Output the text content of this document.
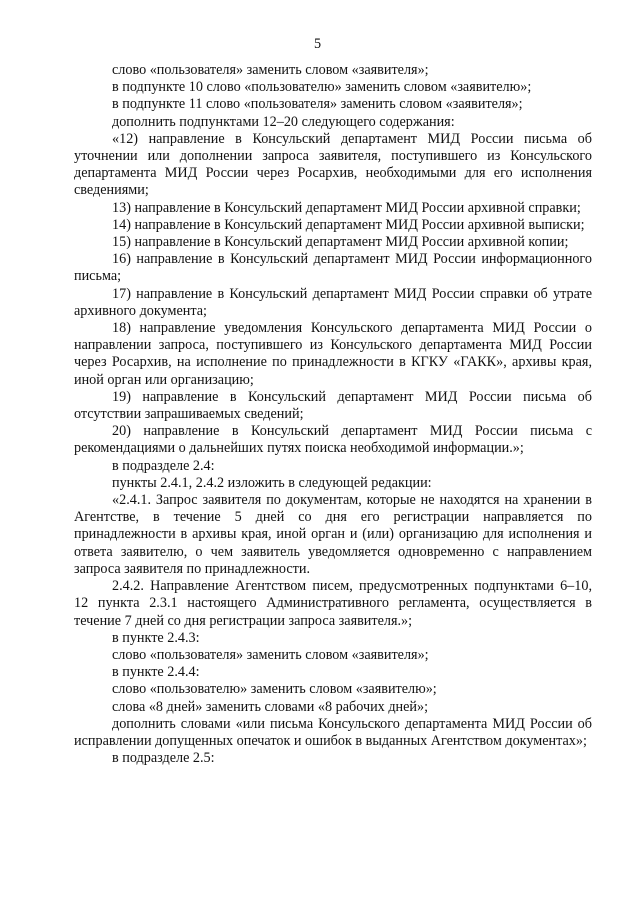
5

слово «пользователя» заменить словом «заявителя»;

в подпункте 10 слово «пользователю» заменить словом «заявителю»;

в подпункте 11 слово «пользователя» заменить словом «заявителя»;

дополнить подпунктами 12–20 следующего содержания:

«12) направление в Консульский департамент МИД России письма об уточнении или дополнении запроса заявителя, поступившего из Консульского департамента МИД России через Росархив, необходимыми для его исполнения сведениями;

13) направление в Консульский департамент МИД России архивной справки;

14) направление в Консульский департамент МИД России архивной выписки;

15) направление в Консульский департамент МИД России архивной копии;

16) направление в Консульский департамент МИД России информационного письма;

17) направление в Консульский департамент МИД России справки об утрате архивного документа;

18) направление уведомления Консульского департамента МИД России о направлении запроса, поступившего из Консульского департамента МИД России через Росархив, на исполнение по принадлежности в КГКУ «ГАКК», архивы края, иной орган или организацию;

19) направление в Консульский департамент МИД России письма об отсутствии запрашиваемых сведений;

20) направление в Консульский департамент МИД России письма с рекомендациями о дальнейших путях поиска необходимой информации.»;

в подразделе 2.4:

пункты 2.4.1, 2.4.2 изложить в следующей редакции:

«2.4.1. Запрос заявителя по документам, которые не находятся на хранении в Агентстве, в течение 5 дней со дня его регистрации направляется по принадлежности в архивы края, иной орган и (или) организацию для исполнения и ответа заявителю, о чем заявитель уведомляется одновременно с направлением запроса заявителя по принадлежности.

2.4.2. Направление Агентством писем, предусмотренных подпунктами 6–10, 12 пункта 2.3.1 настоящего Административного регламента, осуществляется в течение 7 дней со дня регистрации запроса заявителя.»;

в пункте 2.4.3:

слово «пользователя» заменить словом «заявителя»;

в пункте 2.4.4:

слово «пользователю» заменить словом «заявителю»;

слова «8 дней» заменить словами «8 рабочих дней»;

дополнить словами «или письма Консульского департамента МИД России об исправлении допущенных опечаток и ошибок в выданных Агентством документах»;

в подразделе 2.5:
